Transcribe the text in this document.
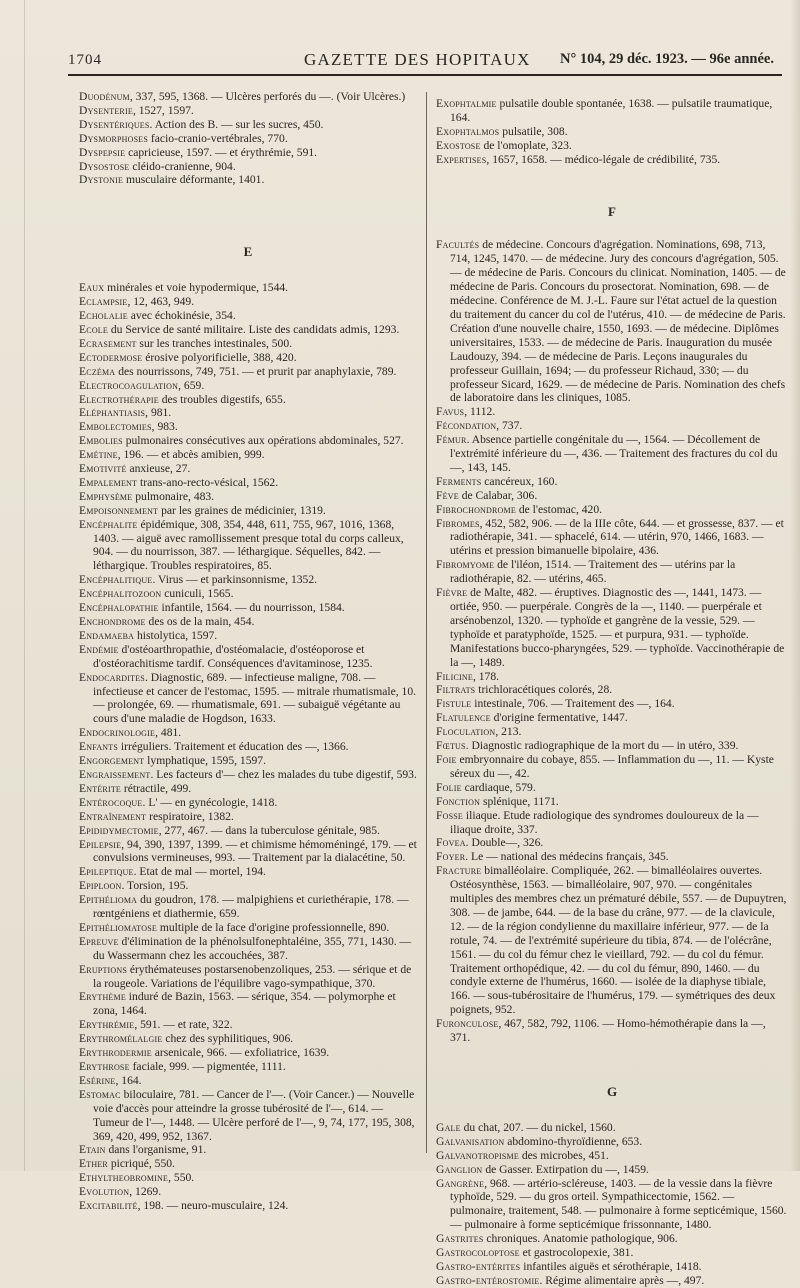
1704	GAZETTE DES HOPITAUX N° 104, 29 déc. 1923. — 96e année.

Duodénum, 337, 595, 1368. — Ulcères perforés du —. (Voir Ulcères.)

Dysenterie, 1527, 1597.

Dysentériques. Action des B. — sur les sucres, 450.

Dysmorphoses facio-cranio-vertébrales, 770.

Dyspepsie capricieuse, 1597. — et érythrémie, 591.

Dysostose cléido-cranienne, 904.

Dystonie musculaire déformante, 1401.

E

Eaux minérales et voie hypodermique, 1544.

Eclampsie, 12, 463, 949.

Echolalie avec échokinésie, 354.

Ecole du Service de santé militaire. Liste des candidats admis, 1293.

Ecrasement sur les tranches intestinales, 500.

Ectodermose érosive polyorificielle, 388, 420.

Eczéma des nourrissons, 749, 751. — et prurit par anaphylaxie, 789.

Electrocoagulation, 659.

Electrothérapie des troubles digestifs, 655.

Eléphantiasis, 981.

Embolectomies, 983.

Embolies pulmonaires consécutives aux opérations abdominales, 527.

Emétine, 196. — et abcès amibien, 999.

Emotivité anxieuse, 27.

Empalement trans-ano-recto-vésical, 1562.

Emphysème pulmonaire, 483.

Empoisonnement par les graines de médicinier, 1319.

Encéphalite épidémique, 308, 354, 448, 611, 755, 967, 1016, 1368, 1403. — aiguë avec ramollissement presque total du corps calleux, 904. — du nourrisson, 387. — léthargique. Séquelles, 842. — léthargique. Troubles respiratoires, 85.

Encéphalitique. Virus — et parkinsonnisme, 1352.

Encéphalitozoon cuniculi, 1565.

Encéphalopathie infantile, 1564. — du nourrisson, 1584.

Enchondrome des os de la main, 454.

Endamaeba histolytica, 1597.

Endémie d'ostéoarthropathie, d'ostéomalacie, d'ostéoporose et d'ostéorachitisme tardif. Conséquences d'avitaminose, 1235.

Endocardites. Diagnostic, 689. — infectieuse maligne, 708. — infectieuse et cancer de l'estomac, 1595. — mitrale rhumatismale, 10. — prolongée, 69. — rhumatismale, 691. — subaiguë végétante au cours d'une maladie de Hogdson, 1633.

Endocrinologie, 481.

Enfants irréguliers. Traitement et éducation des —, 1366.

Engorgement lymphatique, 1595, 1597.

Engraissement. Les facteurs d'— chez les malades du tube digestif, 593.

Entérite rétractile, 499.

Entérocoque. L' — en gynécologie, 1418.

Entraînement respiratoire, 1382.

Epididymectomie, 277, 467. — dans la tuberculose génitale, 985.

Epilepsie, 94, 390, 1397, 1399. — et chimisme hémoméningé, 179. — et convulsions vermineuses, 993. — Traitement par la dialacétine, 50.

Epileptique. Etat de mal — mortel, 194.

Epiploon. Torsion, 195.

Epithélioma du goudron, 178. — malpighiens et curiethérapie, 178. — rœntgéniens et diathermie, 659.

Epithéliomatose multiple de la face d'origine professionnelle, 890.

Epreuve d'élimination de la phénolsulfonephtaléine, 355, 771, 1430. — du Wassermann chez les accouchées, 387.

Eruptions érythémateuses postarsenobenzoliques, 253. — sérique et de la rougeole. Variations de l'équilibre vago-sympathique, 370.

Erythème induré de Bazin, 1563. — sérique, 354. — polymorphe et zona, 1464.

Erythrémie, 591. — et rate, 322.

Erythromélalgie chez des syphilitiques, 906.

Erythrodermie arsenicale, 966. — exfoliatrice, 1639.

Erythrose faciale, 999. — pigmentée, 1111.

Esérine, 164.

Estomac biloculaire, 781. — Cancer de l'—. (Voir Cancer.) — Nouvelle voie d'accès pour atteindre la grosse tubérosité de l'—, 614. — Tumeur de l'—, 1448. — Ulcère perforé de l'—, 9, 74, 177, 195, 308, 369, 420, 499, 952, 1367.

Etain dans l'organisme, 91.

Ether picriqué, 550.

Ethyltheobromine, 550.

Evolution, 1269.

Excitabilité, 198. — neuro-musculaire, 124.

Exophtalmie pulsatile double spontanée, 1638. — pulsatile traumatique, 164.

Exophtalmos pulsatile, 308.

Exostose de l'omoplate, 323.

Expertises, 1657, 1658. — médico-légale de crédibilité, 735.

F

Facultés de médecine. Concours d'agrégation. Nominations, 698, 713, 714, 1245, 1470. — de médecine. Jury des concours d'agrégation, 505. — de médecine de Paris. Concours du clinicat. Nomination, 1405. — de médecine de Paris. Concours du prosectorat. Nomination, 698. — de médecine. Conférence de M. J.-L. Faure sur l'état actuel de la question du traitement du cancer du col de l'utérus, 410. — de médecine de Paris. Création d'une nouvelle chaire, 1550, 1693. — de médecine. Diplômes universitaires, 1533. — de médecine de Paris. Inauguration du musée Laudouzy, 394. — de médecine de Paris. Leçons inaugurales du professeur Guillain, 1694; — du professeur Richaud, 330; — du professeur Sicard, 1629. — de médecine de Paris. Nomination des chefs de laboratoire dans les cliniques, 1085.

Favus, 1112.

Fécondation, 737.

Fémur. Absence partielle congénitale du —, 1564. — Décollement de l'extrémité inférieure du —, 436. — Traitement des fractures du col du —, 143, 145.

Ferments cancéreux, 160.

Fève de Calabar, 306.

Fibrochondrome de l'estomac, 420.

Fibromes, 452, 582, 906. — de la IIIe côte, 644. — et grossesse, 837. — et radiothérapie, 341. — sphacelé, 614. — utérin, 970, 1466, 1683. — utérins et pression bimanuelle bipolaire, 436.

Fibromyome de l'iléon, 1514. — Traitement des — utérins par la radiothérapie, 82. — utérins, 465.

Fièvre de Malte, 482. — éruptives. Diagnostic des —, 1441, 1473. — ortiée, 950. — puerpérale. Congrès de la —, 1140. — puerpérale et arsénobenzol, 1320. — typhoïde et gangrène de la vessie, 529. — typhoïde et paratyphoïde, 1525. — et purpura, 931. — typhoïde. Manifestations bucco-pharyngées, 529. — typhoïde. Vaccinothérapie de la —, 1489.

Filicine, 178.

Filtrats trichloracétiques colorés, 28.

Fistule intestinale, 706. — Traitement des —, 164.

Flatulence d'origine fermentative, 1447.

Floculation, 213.

Fœtus. Diagnostic radiographique de la mort du — in utéro, 339.

Foie embryonnaire du cobaye, 855. — Inflammation du —, 11. — Kyste séreux du —, 42.

Folie cardiaque, 579.

Fonction splénique, 1171.

Fosse iliaque. Etude radiologique des syndromes douloureux de la — iliaque droite, 337.

Fovea. Double—, 326.

Foyer. Le — national des médecins français, 345.

Fracture bimalléolaire. Compliquée, 262. — bimalléolaires ouvertes. Ostéosynthèse, 1563. — bimalléolaire, 907, 970. — congénitales multiples des membres chez un prématuré débile, 557. — de Dupuytren, 308. — de jambe, 644. — de la base du crâne, 977. — de la clavicule, 12. — de la région condylienne du maxillaire inférieur, 977. — de la rotule, 74. — de l'extrémité supérieure du tibia, 874. — de l'olécrâne, 1561. — du col du fémur chez le vieillard, 792. — du col du fémur. Traitement orthopédique, 42. — du col du fémur, 890, 1460. — du condyle externe de l'humérus, 1660. — isolée de la diaphyse tibiale, 166. — sous-tubérositaire de l'humérus, 179. — symétriques des deux poignets, 952.

Furonculose, 467, 582, 792, 1106. — Homo-hémothérapie dans la —, 371.

G

Gale du chat, 207. — du nickel, 1560.

Galvanisation abdomino-thyroïdienne, 653.

Galvanotropisme des microbes, 451.

Ganglion de Gasser. Extirpation du —, 1459.

Gangrène, 968. — artério-scléreuse, 1403. — de la vessie dans la fièvre typhoïde, 529. — du gros orteil. Sympathicectomie, 1562. — pulmonaire, traitement, 548. — pulmonaire à forme septicémique, 1560. — pulmonaire à forme septicémique frissonnante, 1480.

Gastrites chroniques. Anatomie pathologique, 906.

Gastrocoloptose et gastrocolopexie, 381.

Gastro-entérites infantiles aiguës et sérothérapie, 1418.

Gastro-entérostomie. Régime alimentaire après —, 497.
